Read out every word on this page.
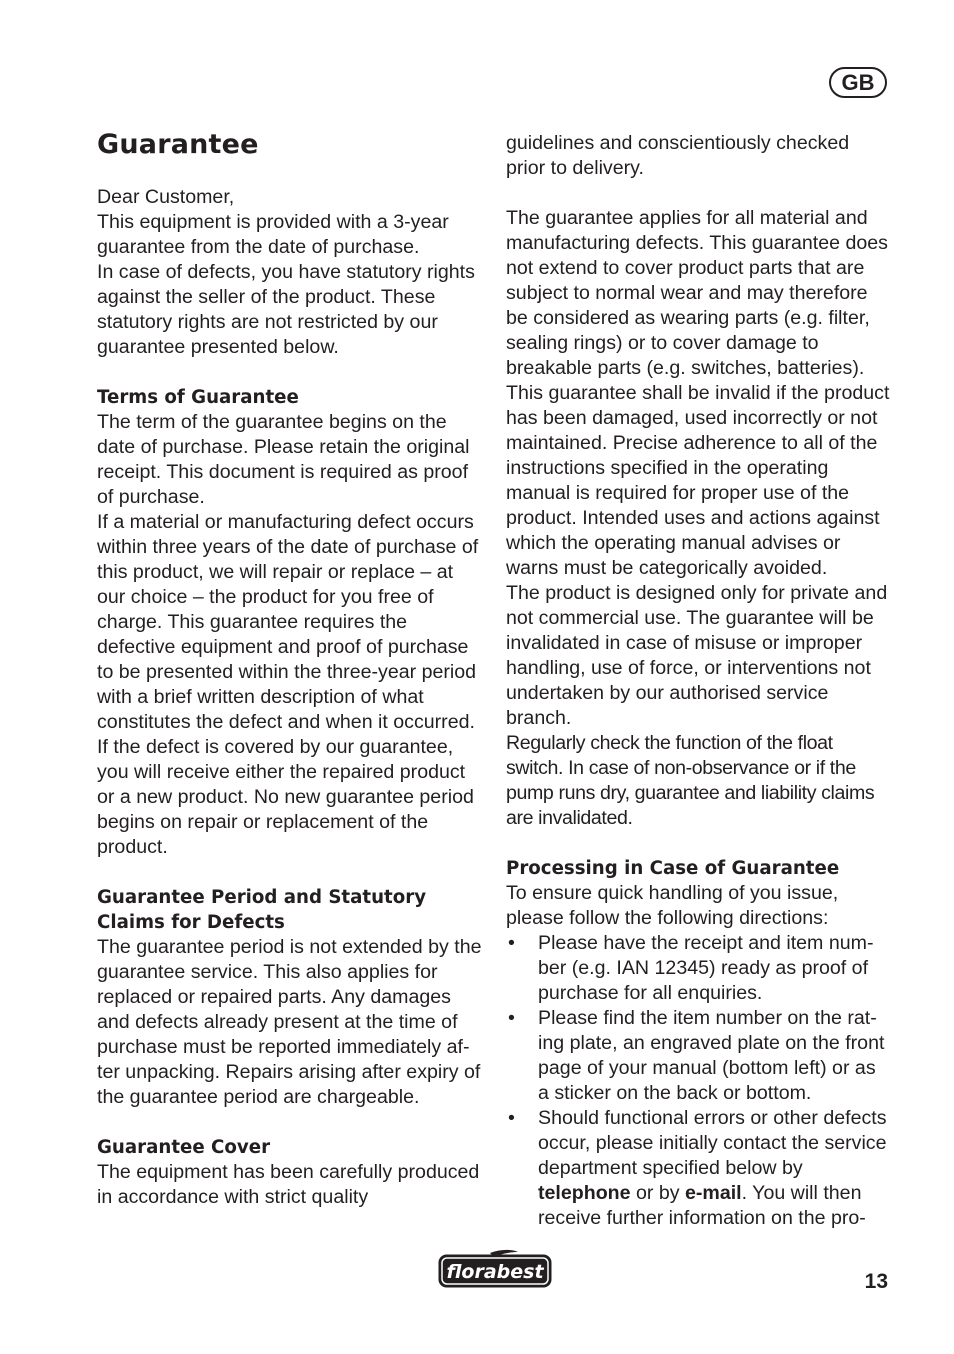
GB
Guarantee

Dear Customer,

This equipment is provided with a 3-year guarantee from the date of purchase.

In case of defects, you have statutory rights against the seller of the product. These statutory rights are not restricted by our guarantee presented below.

Terms of Guarantee

The term of the guarantee begins on the date of purchase. Please retain the original receipt. This document is required as proof of purchase.

If a material or manufacturing defect occurs within three years of the date of purchase of this product, we will repair or replace – at our choice – the product for you free of charge. This guarantee requires the defective equipment and proof of purchase to be presented within the three-year period with a brief written description of what constitutes the defect and when it occurred.

If the defect is covered by our guarantee, you will receive either the repaired product or a new product. No new guarantee period begins on repair or replacement of the product.

Guarantee Period and Statutory Claims for Defects

The guarantee period is not extended by the guarantee service. This also applies for replaced or repaired parts. Any damages and defects already present at the time of purchase must be reported immediately after unpacking. Repairs arising after expiry of the guarantee period are chargeable.

Guarantee Cover

The equipment has been carefully produced in accordance with strict quality

guidelines and conscientiously checked prior to delivery.

The guarantee applies for all material and manufacturing defects. This guarantee does not extend to cover product parts that are subject to normal wear and may therefore be considered as wearing parts (e.g. filter, sealing rings) or to cover damage to breakable parts (e.g. switches, batteries).

This guarantee shall be invalid if the product has been damaged, used incorrectly or not maintained. Precise adherence to all of the instructions specified in the operating manual is required for proper use of the product. Intended uses and actions against which the operating manual advises or warns must be categorically avoided.

The product is designed only for private and not commercial use. The guarantee will be invalidated in case of misuse or improper handling, use of force, or interventions not undertaken by our authorised service branch.

Regularly check the function of the float switch. In case of non-observance or if the pump runs dry, guarantee and liability claims are invalidated.

Processing in Case of Guarantee

To ensure quick handling of you issue, please follow the following directions:

• Please have the receipt and item number (e.g. IAN 12345) ready as proof of purchase for all enquiries.
• Please find the item number on the rating plate, an engraved plate on the front page of your manual (bottom left) or as a sticker on the back or bottom.
• Should functional errors or other defects occur, please initially contact the service department specified below by telephone or by e-mail. You will then receive further information on the pro-
florabest	13
